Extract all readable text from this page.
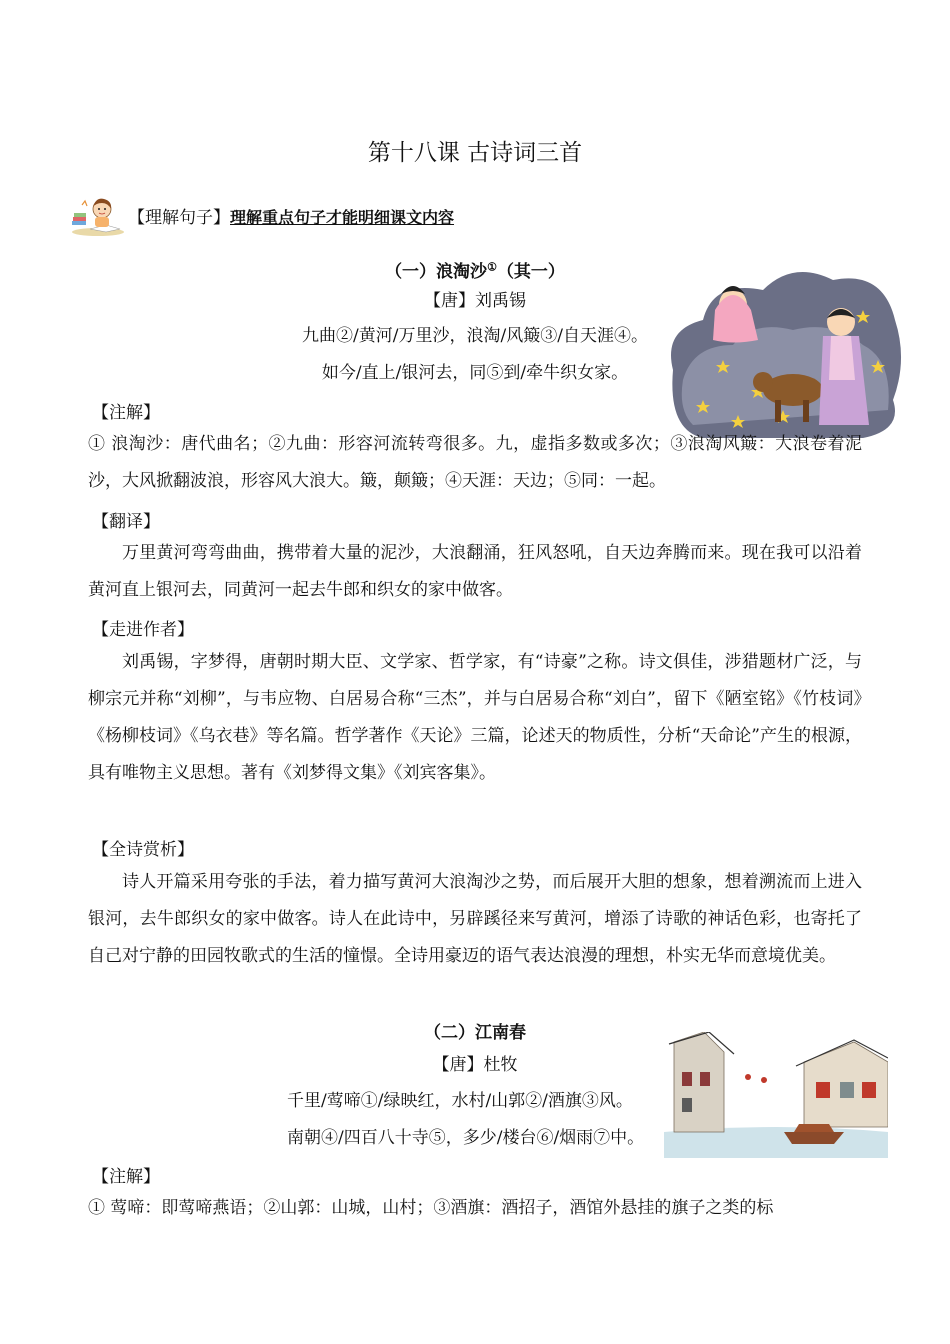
第十八课 古诗词三首
【理解句子】理解重点句子才能明细课文内容
（一）浪淘沙①（其一）
【唐】刘禹锡
九曲②/黄河/万里沙，浪淘/风簸③/自天涯④。
如今/直上/银河去，同⑤到/牵牛织女家。
【注解】
① 浪淘沙：唐代曲名；②九曲：形容河流转弯很多。九，虚指多数或多次；③浪淘风簸：大浪卷着泥沙，大风掀翻波浪，形容风大浪大。簸，颠簸；④天涯：天边；⑤同：一起。
【翻译】
万里黄河弯弯曲曲，携带着大量的泥沙，大浪翻涌，狂风怒吼，自天边奔腾而来。现在我可以沿着黄河直上银河去，同黄河一起去牛郎和织女的家中做客。
【走进作者】
刘禹锡，字梦得，唐朝时期大臣、文学家、哲学家，有“诗豪”之称。诗文俱佳，涉猎题材广泛，与柳宗元并称“刘柳”，与韦应物、白居易合称“三杰”，并与白居易合称“刘白”，留下《陋室铭》《竹枝词》《杨柳枝词》《乌衣巷》等名篇。哲学著作《天论》三篇，论述天的物质性，分析“天命论”产生的根源，具有唯物主义思想。著有《刘梦得文集》《刘宾客集》。
【全诗赏析】
诗人开篇采用夸张的手法，着力描写黄河大浪淘沙之势，而后展开大胆的想象，想着溯流而上进入银河，去牛郎织女的家中做客。诗人在此诗中，另辟蹊径来写黄河，增添了诗歌的神话色彩，也寄托了自己对宁静的田园牧歌式的生活的憧憬。全诗用豪迈的语气表达浪漫的理想，朴实无华而意境优美。
（二）江南春
【唐】杜牧
千里/莺啼①/绿映红，水村/山郭②/酒旗③风。
南朝④/四百八十寺⑤，多少/楼台⑥/烟雨⑦中。
【注解】
① 莺啼：即莺啼燕语；②山郭：山城，山村；③酒旗：酒招子，酒馆外悬挂的旗子之类的标
